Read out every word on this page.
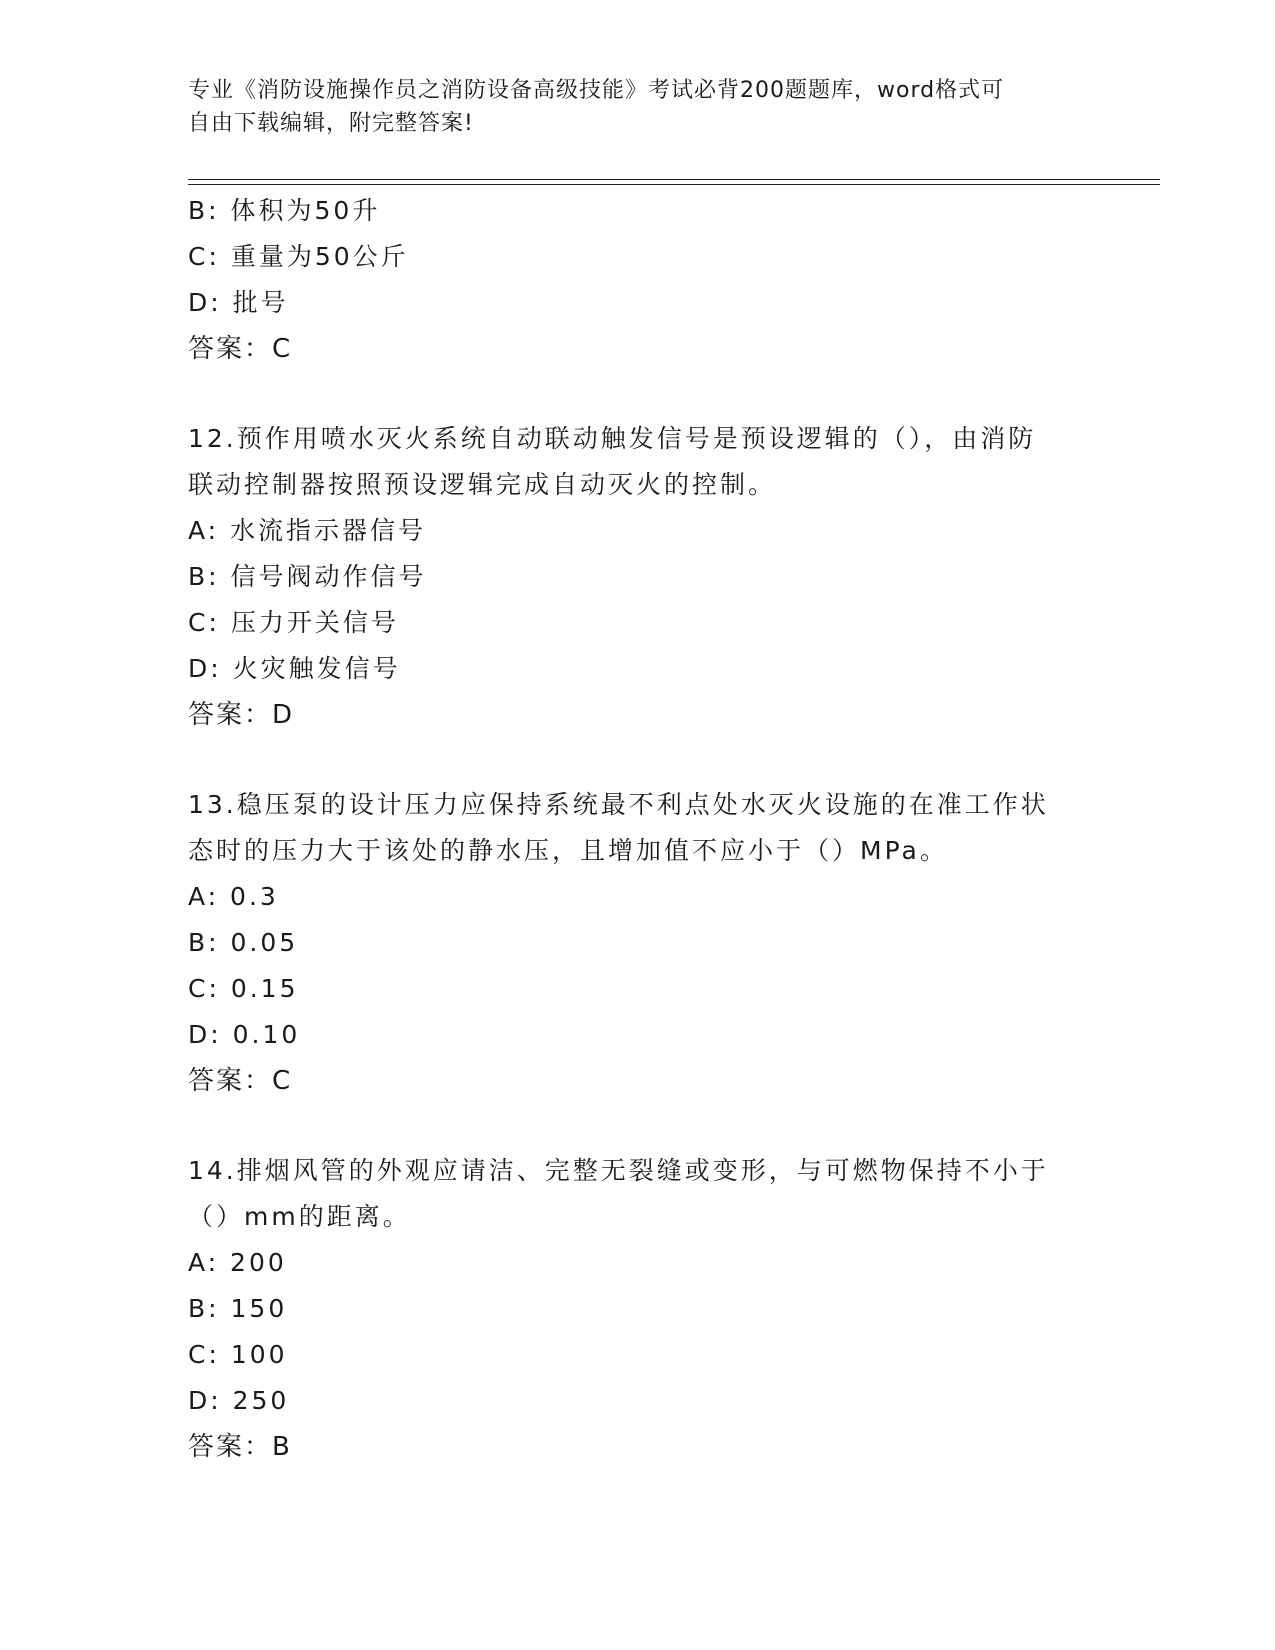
专业《消防设施操作员之消防设备高级技能》考试必背200题题库，word格式可
自由下载编辑，附完整答案!
B: 体积为50升
C: 重量为50公斤
D: 批号
答案：C
12.预作用喷水灭火系统自动联动触发信号是预设逻辑的（），由消防
联动控制器按照预设逻辑完成自动灭火的控制。
A: 水流指示器信号
B: 信号阀动作信号
C: 压力开关信号
D: 火灾触发信号
答案：D
13.稳压泵的设计压力应保持系统最不利点处水灭火设施的在准工作状
态时的压力大于该处的静水压，且增加值不应小于（）MPa。
A: 0.3
B: 0.05
C: 0.15
D: 0.10
答案：C
14.排烟风管的外观应请洁、完整无裂缝或变形，与可燃物保持不小于
（）mm的距离。
A: 200
B: 150
C: 100
D: 250
答案：B
